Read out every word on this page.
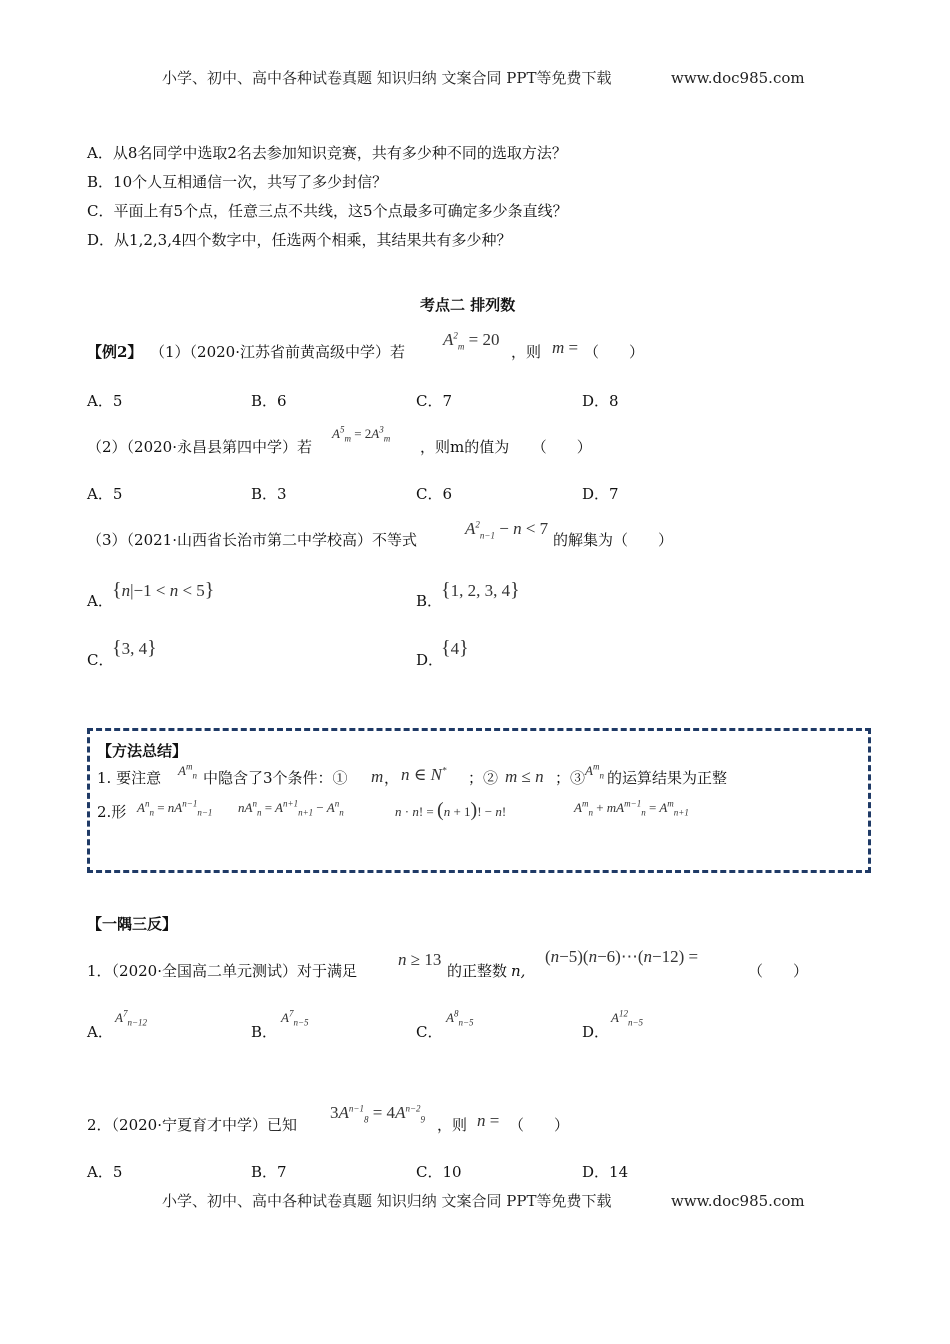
小学、初中、高中各种试卷真题 知识归纳 文案合同 PPT等免费下载	www.doc985.com
A．从8名同学中选取2名去参加知识竞赛，共有多少种不同的选取方法？
B．10个人互相通信一次，共写了多少封信？
C．平面上有5个点，任意三点不共线，这5个点最多可确定多少条直线？
D．从1,2,3,4四个数字中，任选两个相乘，其结果共有多少种？
考点二 排列数
【例2】 （1）（2020·江苏省前黄高级中学）若
$A^2_m = 20$
，则 m = （　　）
A．5	B．6	C．7	D．8
（2）（2020·永昌县第四中学）若
$A^5_m = 2A^3_m$ ，则m的值为　　（　　）
A．5	B．3	C．6	D．7
（3）（2021·山西省长治市第二中学校高）不等式
$A^2_{n-1} - n < 7$
的解集为（　　）
A． {n|−1 < n < 5}	B．
{1, 2, 3, 4}
C．
{3, 4}
D．
{4}
【方法总结】
1. 要注意 $A^m_n$ 中隐含了3个条件：① m ， n ∈ N* ；② m ≤ n ；③ $A^m_n$ 的运算结果为正整
2.形 $A^n_n = nA^{n-1}_{n-1}$ $nA^n_n = A^{n+1}_{n+1} - A^n_n$	n · n! = (n + 1)! − n!	$A^m_n + mA^{m-1}_n = A^m_{n+1}$
【一隅三反】
1．（2020·全国高二单元测试）对于满足
n ≥ 13
的正整数 n,
(n−5)(n−6)⋯(n−12) =
（　　）
A．
$A^7_{n-12}$
B．
$A^7_{n-5}$
C．
$A^8_{n-5}$
D．
$A^{12}_{n-5}$
2．（2020·宁夏育才中学）已知
$3A^{n-1}_8 = 4A^{n-2}_9$ ，则 n = （　　）
A．5	B．7	C．10	D．14
小学、初中、高中各种试卷真题 知识归纳 文案合同 PPT等免费下载	www.doc985.com
